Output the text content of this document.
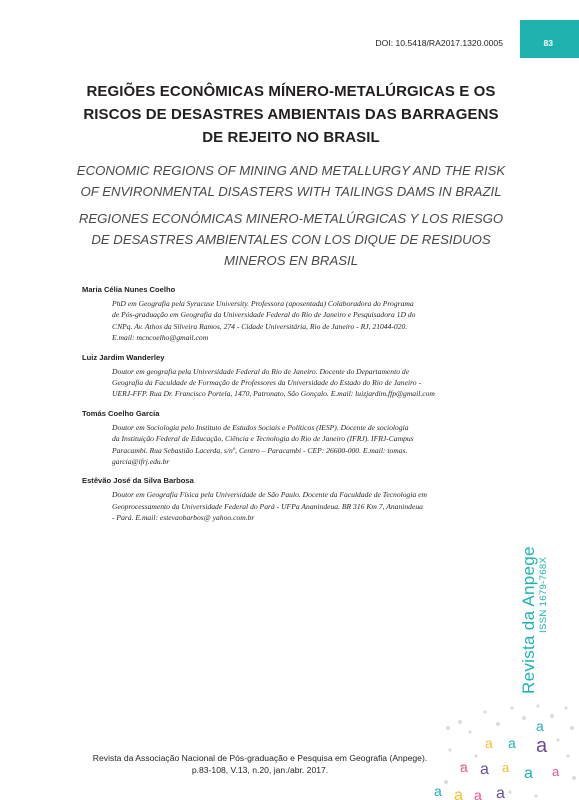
DOI: 10.5418/RA2017.1320.0005	83
REGIÕES ECONÔMICAS MÍNERO-METALÚRGICAS E OS
RISCOS DE DESASTRES AMBIENTAIS DAS BARRAGENS
DE REJEITO NO BRASIL
ECONOMIC REGIONS OF MINING AND METALLURGY AND THE RISK
OF ENVIRONMENTAL DISASTERS WITH TAILINGS DAMS IN BRAZIL
REGIONES ECONÓMICAS MINERO-METALÚRGICAS Y LOS RIESGO
DE DESASTRES AMBIENTALES CON LOS DIQUE DE RESIDUOS
MINEROS EN BRASIL
Maria Célia Nunes Coelho
PhD em Geografia pela Syracuse University. Professora (aposentada) Colaboradora do Programa
de Pós-graduação em Geografia da Universidade Federal do Rio de Janeiro e Pesquisadora 1D do
CNPq. Av. Athos da Silveira Ramos, 274 - Cidade Universitária, Rio de Janeiro - RJ, 21044-020.
E.mail: mcncoelho@gmail.com
Luiz Jardim Wanderley
Doutor em geografia pela Universidade Federal do Rio de Janeiro. Docente do Departamento de
Geografia da Faculdade de Formação de Professores da Universidade do Estado do Rio de Janeiro -
UERJ-FFP. Rua Dr. Francisco Portela, 1470, Patronato, São Gonçalo. E.mail: luizjardim.ffp@gmail.com
Tomás Coelho Garcia
Doutor em Sociologia pelo Instituto de Estudos Sociais e Políticos (IESP). Docente de sociologia
da Instituição Federal de Educação, Ciência e Tecnologia do Rio de Janeiro (IFRJ). IFRJ-Campus
Paracambi. Rua Sebastião Lacerda, s/nº, Centro – Paracambi - CEP: 26600-000. E.mail: tomas.
garcia@ifrj.edu.br
Estêvão José da Silva Barbosa
Doutor em Geografia Física pela Universidade de São Paulo. Docente da Faculdade de Tecnologia em
Geoprocessamento da Universidade Federal do Pará - UFPa Ananindeua. BR 316 Km 7, Ananindeua
- Pará. E.mail: estevaobarbos@ yahoo.com.br
Revista da Anpege ISSN 1679-768X
Revista da Associação Nacional de Pós-graduação e Pesquisa em Geografia (Anpege).
p.83-108, V.13, n.20, jan./abr. 2017.
a
a a a
a a a a a
a a a a
